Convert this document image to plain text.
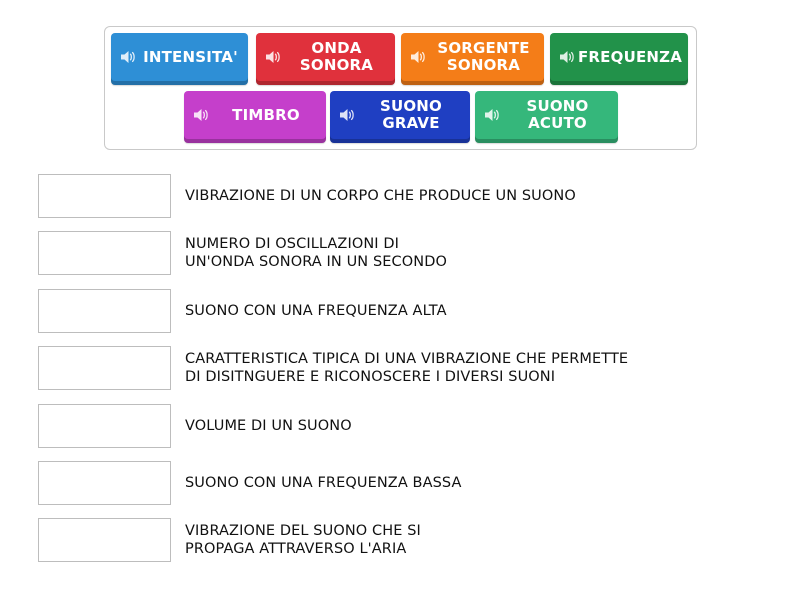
INTENSITA'	ONDA
SONORA
SORGENTE
SONORA	FREQUENZA
TIMBRO	SUONO
GRAVE
SUONO
ACUTO
VIBRAZIONE DI UN CORPO CHE PRODUCE UN SUONO
NUMERO DI OSCILLAZIONI DI
UN'ONDA SONORA IN UN SECONDO
SUONO CON UNA FREQUENZA ALTA
CARATTERISTICA TIPICA DI UNA VIBRAZIONE CHE PERMETTE
DI DISITNGUERE E RICONOSCERE I DIVERSI SUONI
VOLUME DI UN SUONO
SUONO CON UNA FREQUENZA BASSA
VIBRAZIONE DEL SUONO CHE SI
PROPAGA ATTRAVERSO L'ARIA
